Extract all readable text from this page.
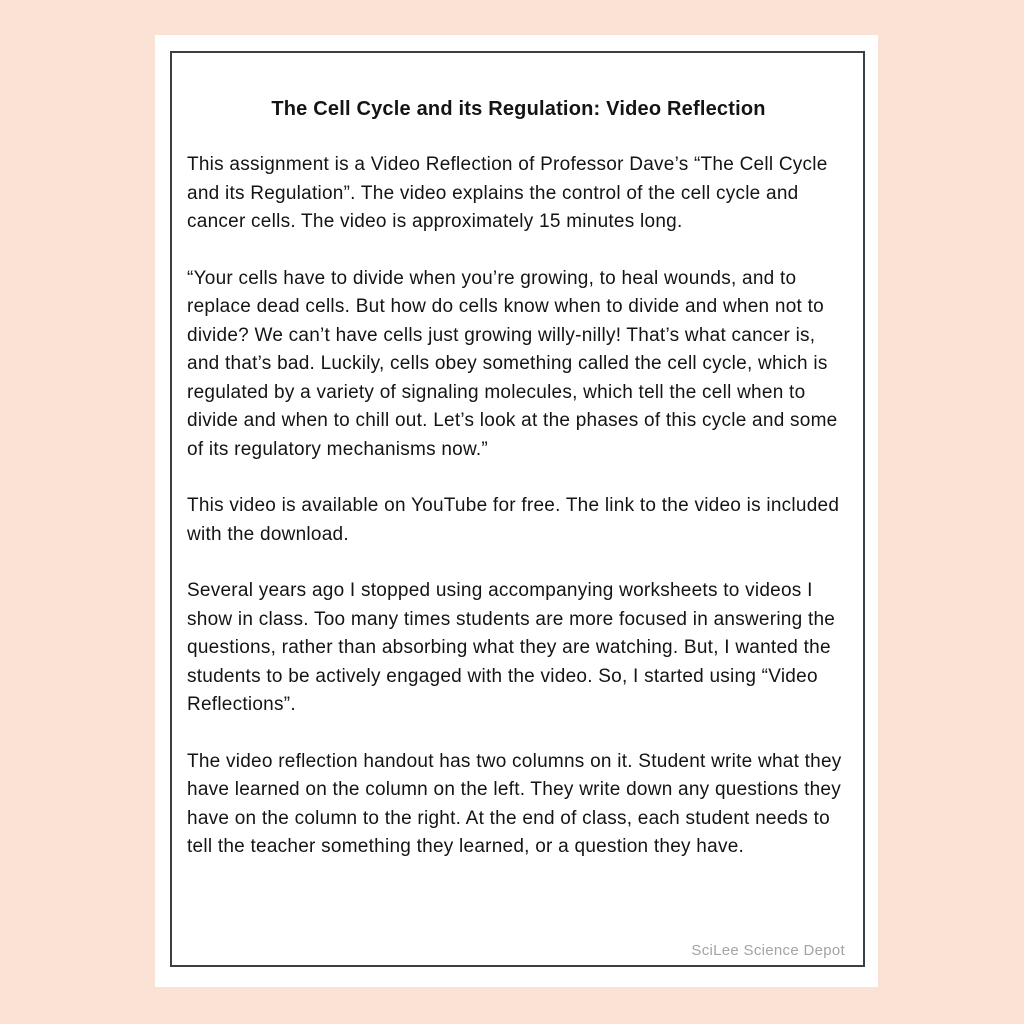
The Cell Cycle and its Regulation: Video Reflection

This assignment is a Video Reflection of Professor Dave’s “The Cell Cycle and its Regulation”. The video explains the control of the cell cycle and cancer cells. The video is approximately 15 minutes long.

“Your cells have to divide when you’re growing, to heal wounds, and to replace dead cells. But how do cells know when to divide and when not to divide? We can’t have cells just growing willy-nilly! That’s what cancer is, and that’s bad. Luckily, cells obey something called the cell cycle, which is regulated by a variety of signaling molecules, which tell the cell when to divide and when to chill out. Let’s look at the phases of this cycle and some of its regulatory mechanisms now.”

This video is available on YouTube for free. The link to the video is included with the download.

Several years ago I stopped using accompanying worksheets to videos I show in class. Too many times students are more focused in answering the questions, rather than absorbing what they are watching. But, I wanted the students to be actively engaged with the video. So, I started using “Video Reflections”.

The video reflection handout has two columns on it. Student write what they have learned on the column on the left. They write down any questions they have on the column to the right. At the end of class, each student needs to tell the teacher something they learned, or a question they have.

SciLee Science Depot
